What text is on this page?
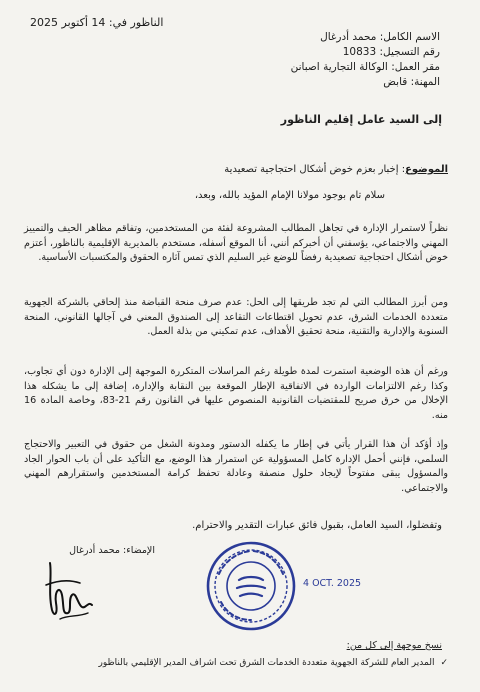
الناظور في: 14 أكتوبر 2025
الاسم الكامل: محمد أدرغال
رقم التسجيل: 10833
مقر العمل: الوكالة التجارية اصبانن
المهنة: قابض
إلى السيد عامل إقليم الناظور
الموضوع: إخبار بعزم خوض أشكال احتجاجية تصعيدية
سلام تام بوجود مولانا الإمام المؤيد بالله، وبعد،
نظراً لاستمرار الإدارة في تجاهل المطالب المشروعة لفئة من المستخدمين، وتفاقم مظاهر الحيف والتمييز المهني والاجتماعي، يؤسفني أن أخبركم أنني، أنا الموقع أسفله، مستخدم بالمديرية الإقليمية بالناظور، أعتزم خوض أشكال احتجاجية تصعيدية رفضاً للوضع غير السليم الذي تمس آثاره الحقوق والمكتسبات الأساسية.
ومن أبرز المطالب التي لم تجد طريقها إلى الحل: عدم صرف منحة القباضة منذ إلحاقي بالشركة الجهوية متعددة الخدمات الشرق، عدم تحويل اقتطاعات التقاعد إلى الصندوق المعني في آجالها القانوني، المنحة السنوية والإدارية والتقنية، منحة تحقيق الأهداف، عدم تمكيني من بذلة العمل.
ورغم أن هذه الوضعية استمرت لمدة طويلة رغم المراسلات المتكررة الموجهة إلى الإدارة دون أي تجاوب، وكذا رغم الالتزامات الواردة في الاتفاقية الإطار الموقعة بين النقابة والإدارة، إضافة إلى ما يشكله هذا الإخلال من خرق صريح للمقتضيات القانونية المنصوص عليها في القانون رقم 21-83، وخاصة المادة 16 منه.
وإذ أؤكد أن هذا القرار يأتي في إطار ما يكفله الدستور ومدونة الشغل من حقوق في التعبير والاحتجاج السلمي، فإنني أحمل الإدارة كامل المسؤولية عن استمرار هذا الوضع، مع التأكيد على أن باب الحوار الجاد والمسؤول يبقى مفتوحاً لإيجاد حلول منصفة وعادلة تحفظ كرامة المستخدمين واستقرارهم المهني والاجتماعي.
وتفضلوا، السيد العامل، بقبول فائق عبارات التقدير والاحترام.
الإمضاء: محمد أدرغال
4 OCT. 2025
نسخ موجهة إلى كل من:
✓المدير العام للشركة الجهوية متعددة الخدمات الشرق تحت اشراف المدير الإقليمي بالناظور
